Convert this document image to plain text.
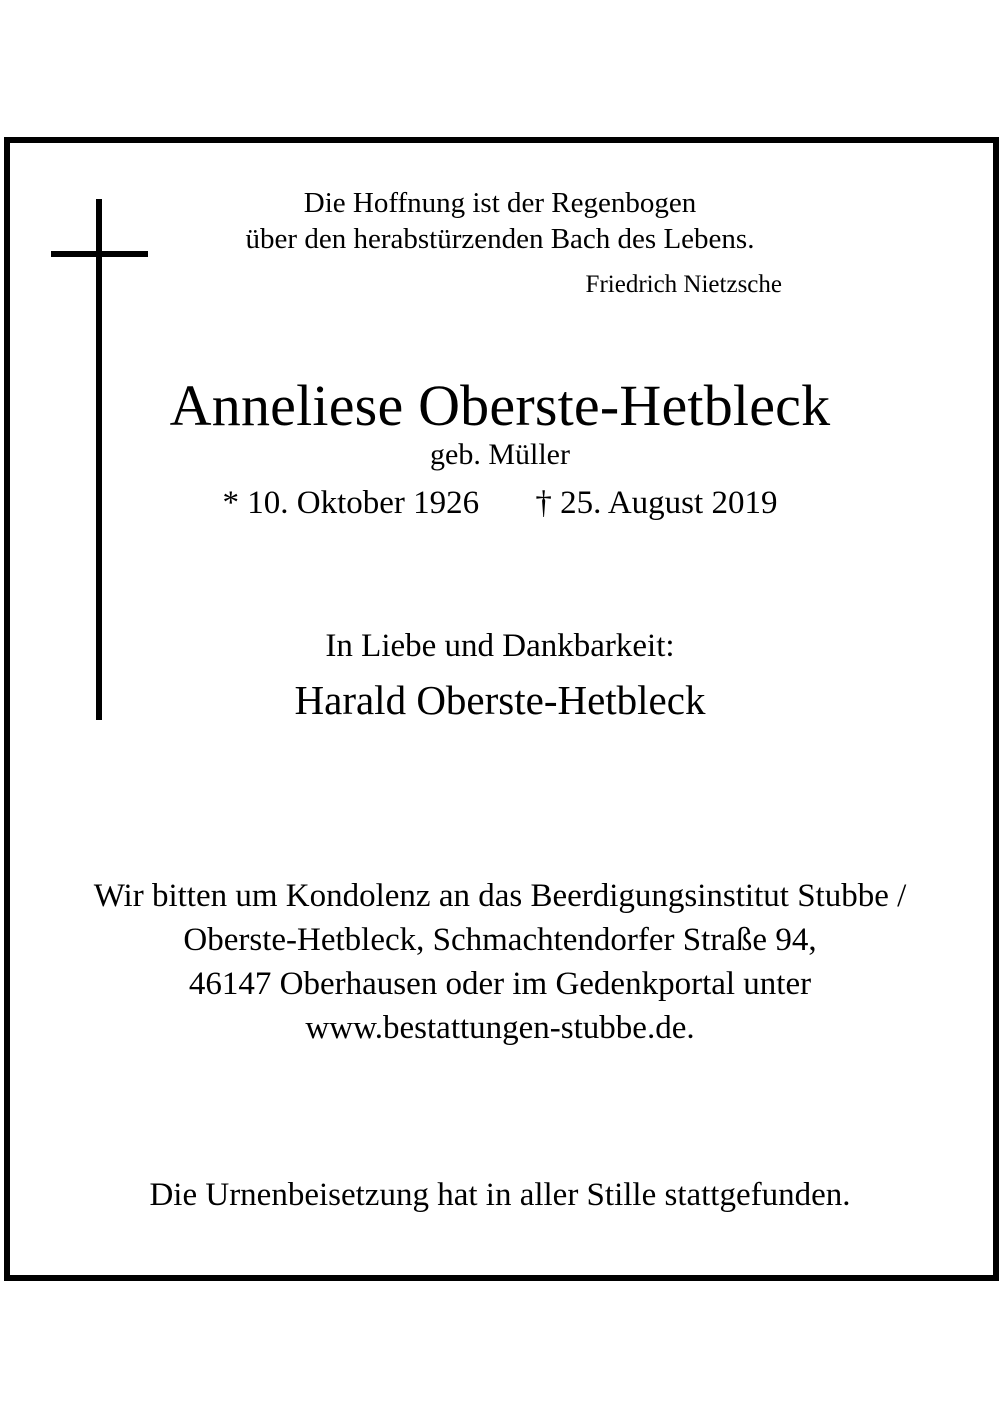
Die Hoffnung ist der Regenbogen
über den herabstürzenden Bach des Lebens.
Friedrich Nietzsche
Anneliese Oberste-Hetbleck
geb. Müller
* 10. Oktober 1926 † 25. August 2019
In Liebe und Dankbarkeit:
Harald Oberste-Hetbleck
Wir bitten um Kondolenz an das Beerdigungsinstitut Stubbe /
Oberste-Hetbleck, Schmachtendorfer Straße 94,
46147 Oberhausen oder im Gedenkportal unter
www.bestattungen-stubbe.de.
Die Urnenbeisetzung hat in aller Stille stattgefunden.
